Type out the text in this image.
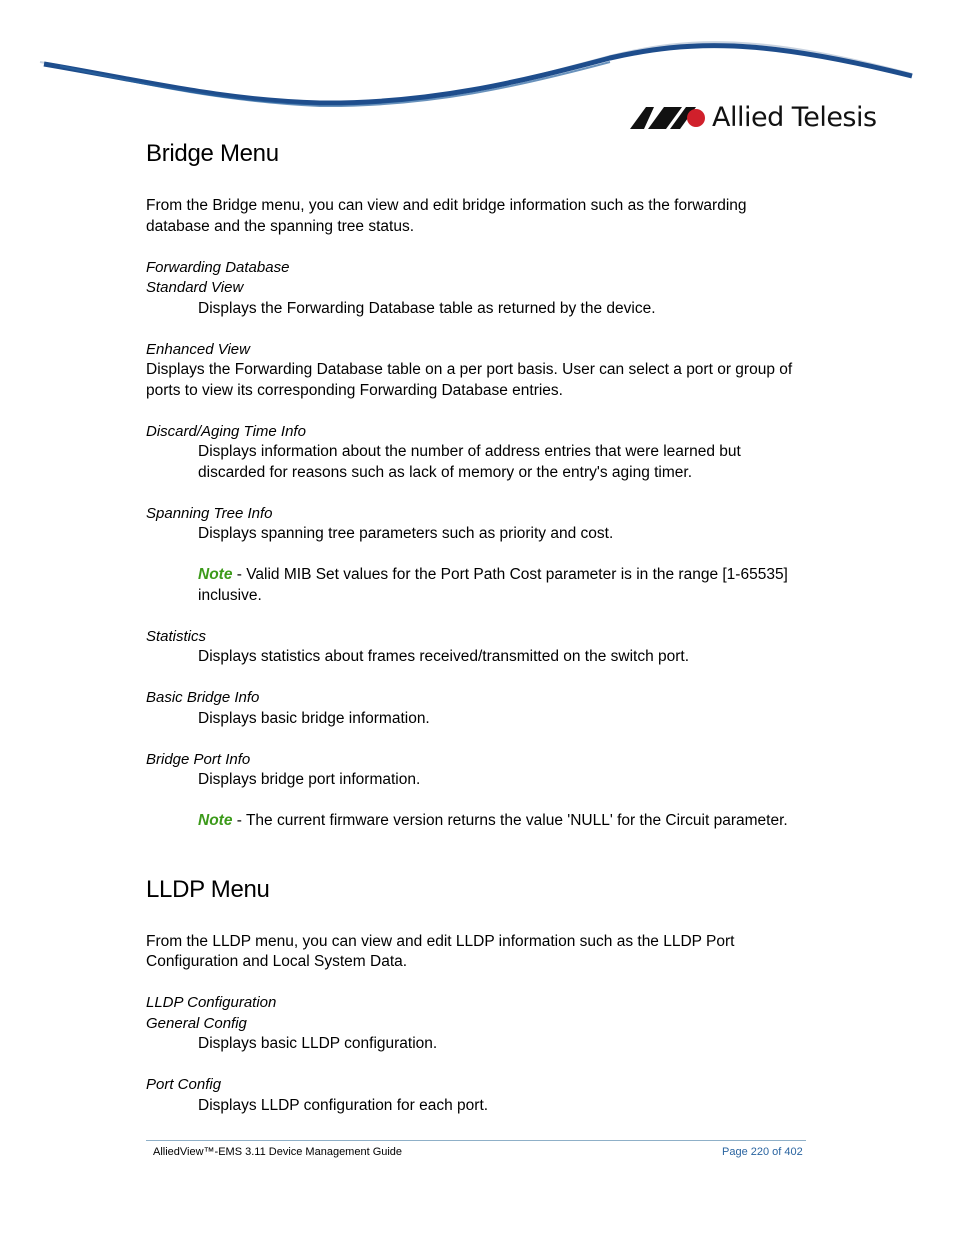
Allied Telesis
Bridge Menu

From the Bridge menu, you can view and edit bridge information such as the forwarding database and the spanning tree status.

Forwarding Database

Standard View

Displays the Forwarding Database table as returned by the device.

Enhanced View

Displays the Forwarding Database table on a per port basis. User can select a port or group of ports to view its corresponding Forwarding Database entries.

Discard/Aging Time Info

Displays information about the number of address entries that were learned but discarded for reasons such as lack of memory or the entry's aging timer.

Spanning Tree Info

Displays spanning tree parameters such as priority and cost.

Note - Valid MIB Set values for the Port Path Cost parameter is in the range [1-65535] inclusive.

Statistics

Displays statistics about frames received/transmitted on the switch port.

Basic Bridge Info

Displays basic bridge information.

Bridge Port Info

Displays bridge port information.

Note - The current firmware version returns the value 'NULL' for the Circuit parameter.

LLDP Menu

From the LLDP menu, you can view and edit LLDP information such as the LLDP Port Configuration and Local System Data.

LLDP Configuration

General Config

Displays basic LLDP configuration.

Port Config

Displays LLDP configuration for each port.

AlliedView™-EMS 3.11 Device Management Guide	Page 220 of 402
